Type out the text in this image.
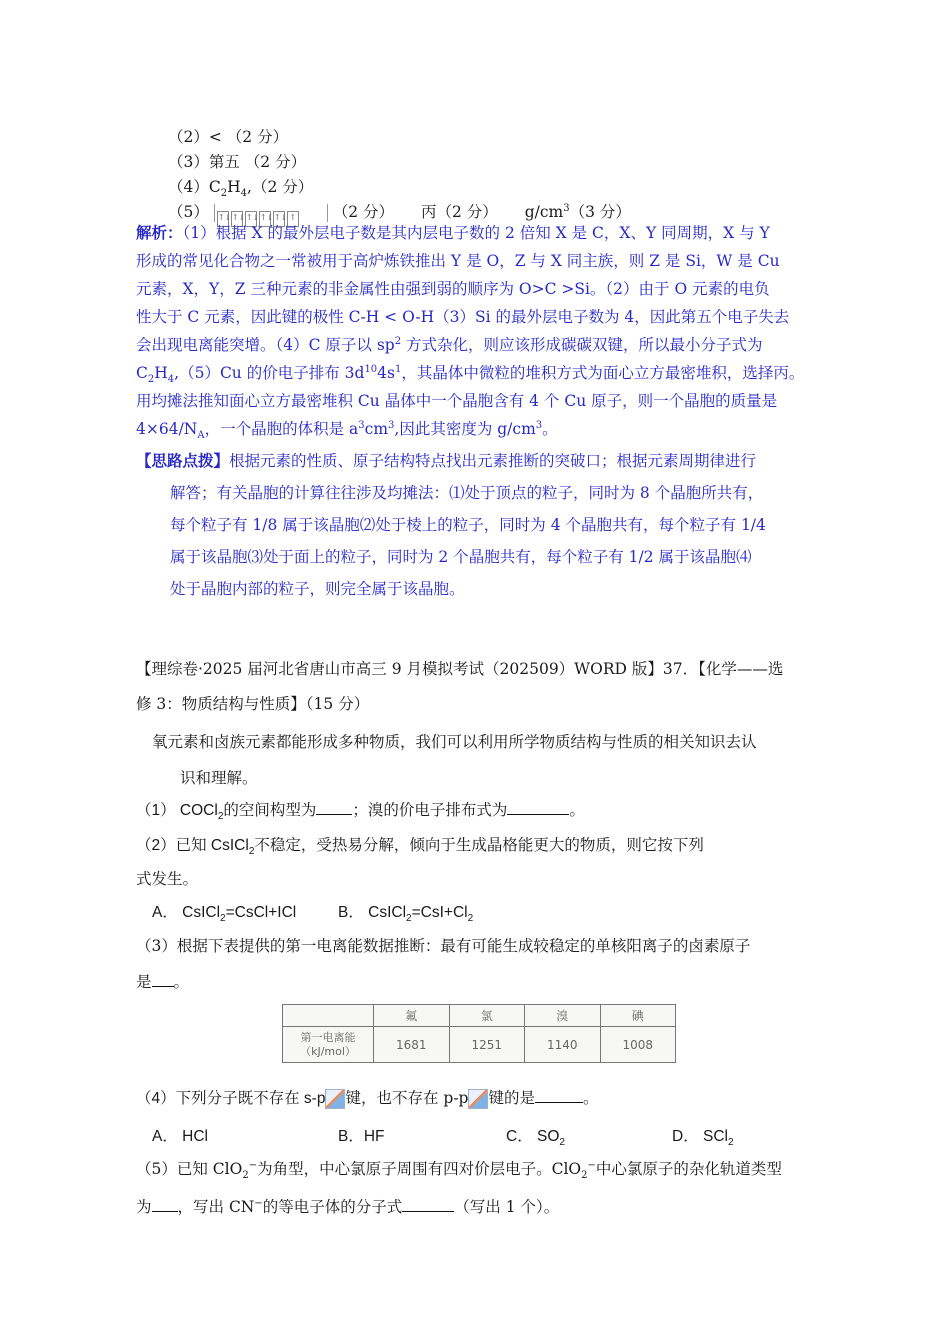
（2）< （2 分）
（3）第五 （2 分）
$(4)C_2H_4,(2$ 分）
（5） ↑↓↑↓↑↓↑↓↑↓ ↑ （2 分） 丙（2 分） $g/cm^3(3$ 分）
解析：（1）根据 X 的最外层电子数是其内层电子数的 2 倍知 X 是 C，X、Y 同周期，X 与 Y
形成的常见化合物之一常被用于高炉炼铁推出 Y 是 O，Z 与 X 同主族，则 Z 是 Si，W 是 Cu
元素，X，Y，Z 三种元素的非金属性由强到弱的顺序为 O>C >Si。（2）由于 O 元素的电负
性大于 C 元素，因此键的极性 C-H < O-H（3）Si 的最外层电子数为 4，因此第五个电子失去
会出现电离能突增。（4）C 原子以 $sp^2$ 方式杂化，则应该形成碳碳双键，所以最小分子式为
$C_2H_4,(5)Cu$ 的价电子排布 $3d^{10}4s^1$，其晶体中微粒的堆积方式为面心立方最密堆积，选择丙。
用均摊法推知面心立方最密堆积 Cu 晶体中一个晶胞含有 4 个 Cu 原子，则一个晶胞的质量是
$4\times 64/N_A$，一个晶胞的体积是 $a^3cm^3$,因此其密度为 $g/cm^3$。
【思路点拨】根据元素的性质、原子结构特点找出元素推断的突破口；根据元素周期律进行
解答；有关晶胞的计算往往涉及均摊法：⑴处于顶点的粒子，同时为 8 个晶胞所共有，
每个粒子有 1/8 属于该晶胞⑵处于棱上的粒子，同时为 4 个晶胞共有，每个粒子有 1/4
属于该晶胞⑶处于面上的粒子，同时为 2 个晶胞共有，每个粒子有 1/2 属于该晶胞⑷
处于晶胞内部的粒子，则完全属于该晶胞。
【理综卷·2025 届河北省唐山市高三 9 月模拟考试（202509）WORD 版】37．【化学——选
修 3：物质结构与性质】（15 分）
氧元素和卤族元素都能形成多种物质，我们可以利用所学物质结构与性质的相关知识去认
识和理解。
（1） COCl$_2$的空间构型为 ；溴的价电子排布式为	。
（2）已知 CsICl$_2$不稳定，受热易分解，倾向于生成晶格能更大的物质，则它按下列
式发生。
A． CsICl$_2$=CsCl+ICl	B． $CsICl_2=CsI+Cl_2$
（3）根据下表提供的第一电离能数据推断：最有可能生成较稳定的单核阳离子的卤素原子
是 。
	氟	氯	溴	碘
第一电离能
（kJ/mol）	1681	1251	1140	1008
（4）下列分子既不存在 s-p 键，也不存在 p-p 键的是	。
A． HCl	B．HF	C． $SO_2$	D． SCl$_2$
（5）已知 ClO$_2$−为角型，中心氯原子周围有四对价层电子。ClO$_2$−中心氯原子的杂化轨道类型
为 ，写出 CN−的等电子体的分子式	（写出 1 个）。
